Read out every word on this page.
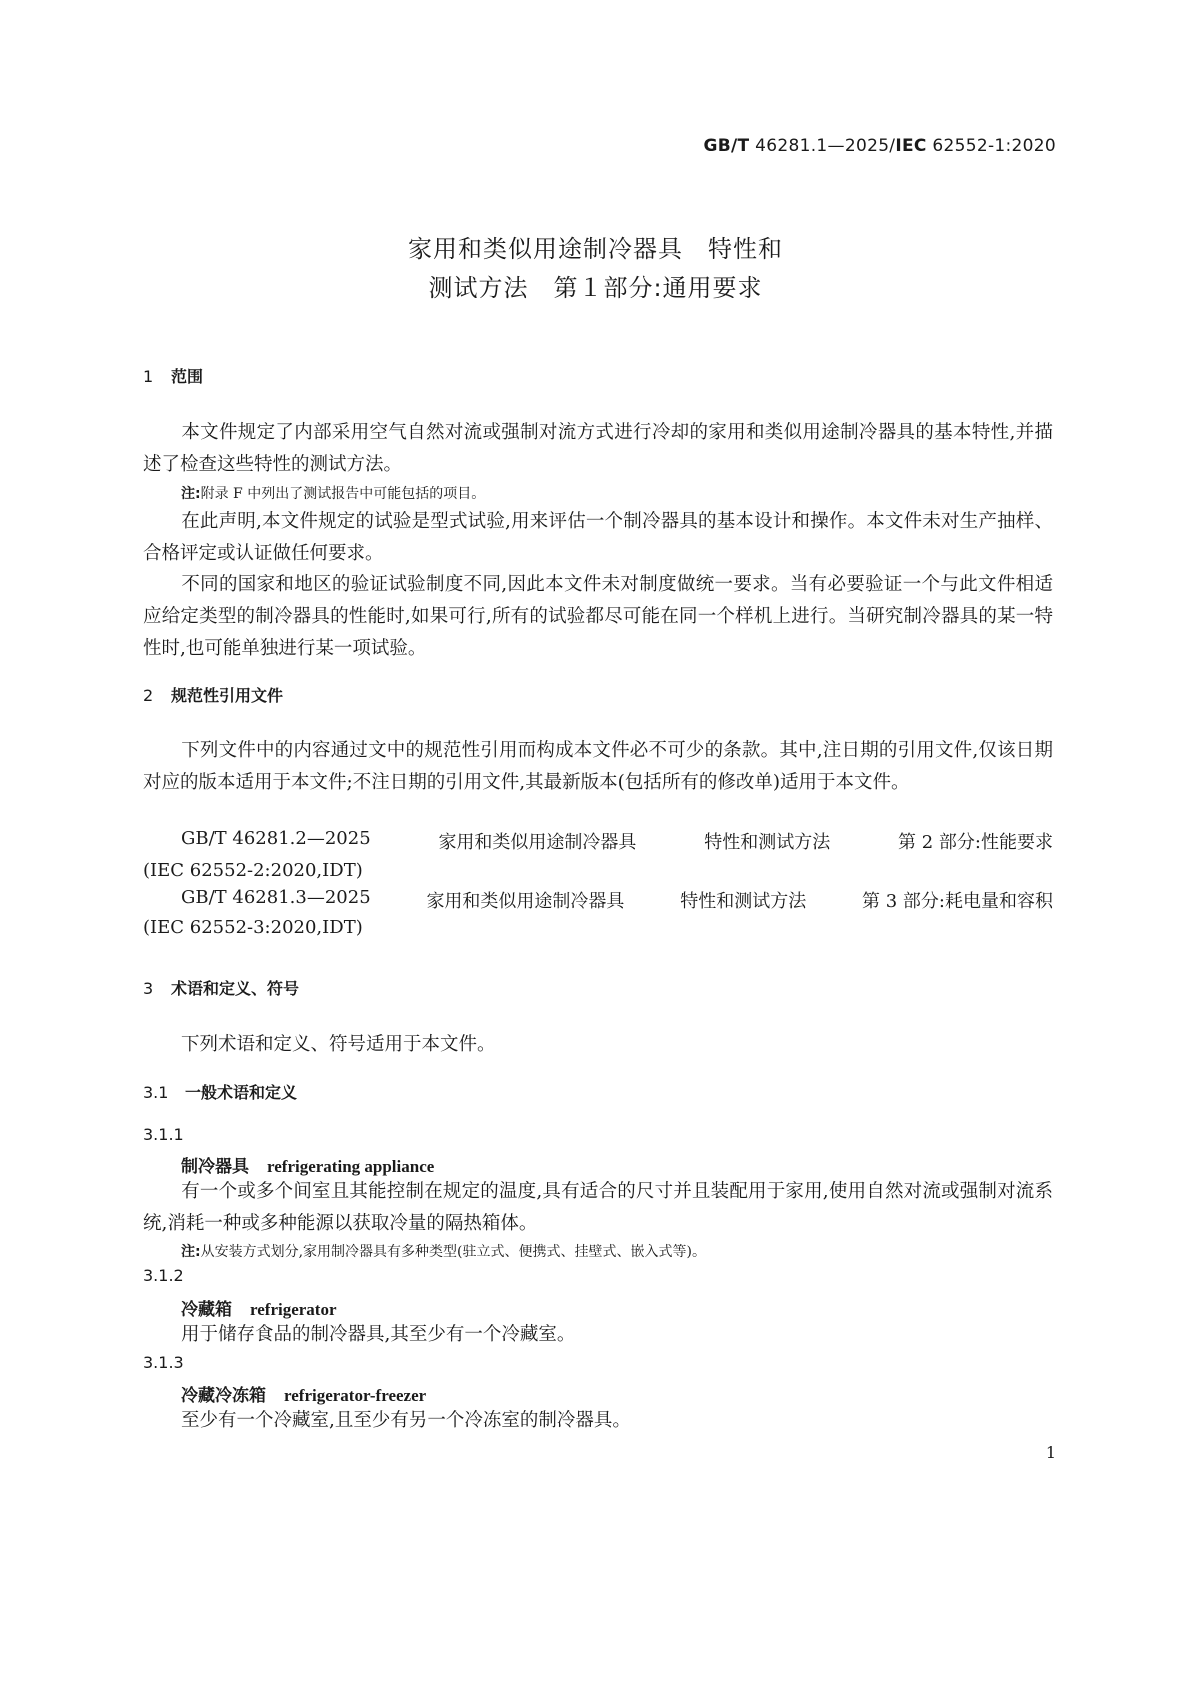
GB/T 46281.1—2025/IEC 62552-1:2020
家用和类似用途制冷器具　特性和
测试方法　第１部分:通用要求
1 范围
本文件规定了内部采用空气自然对流或强制对流方式进行冷却的家用和类似用途制冷器具的基本特性,并描述了检查这些特性的测试方法。
注:附录 F 中列出了测试报告中可能包括的项目。
在此声明,本文件规定的试验是型式试验,用来评估一个制冷器具的基本设计和操作。本文件未对生产抽样、合格评定或认证做任何要求。
不同的国家和地区的验证试验制度不同,因此本文件未对制度做统一要求。当有必要验证一个与此文件相适应给定类型的制冷器具的性能时,如果可行,所有的试验都尽可能在同一个样机上进行。当研究制冷器具的某一特性时,也可能单独进行某一项试验。
2 规范性引用文件
下列文件中的内容通过文中的规范性引用而构成本文件必不可少的条款。其中,注日期的引用文件,仅该日期对应的版本适用于本文件;不注日期的引用文件,其最新版本(包括所有的修改单)适用于本文件。
GB/T 46281.2—2025	家用和类似用途制冷器具	特性和测试方法	第 2 部分:性能要求
(IEC 62552-2:2020,IDT)
GB/T 46281.3—2025	家用和类似用途制冷器具	特性和测试方法	第 3 部分:耗电量和容积
(IEC 62552-3:2020,IDT)
3 术语和定义、符号
下列术语和定义、符号适用于本文件。
3.1 一般术语和定义
3.1.1
制冷器具 refrigerating appliance
有一个或多个间室且其能控制在规定的温度,具有适合的尺寸并且装配用于家用,使用自然对流或强制对流系统,消耗一种或多种能源以获取冷量的隔热箱体。
注:从安装方式划分,家用制冷器具有多种类型(驻立式、便携式、挂壁式、嵌入式等)。
3.1.2
冷藏箱 refrigerator
用于储存食品的制冷器具,其至少有一个冷藏室。
3.1.3
冷藏冷冻箱 refrigerator-freezer
至少有一个冷藏室,且至少有另一个冷冻室的制冷器具。
1
